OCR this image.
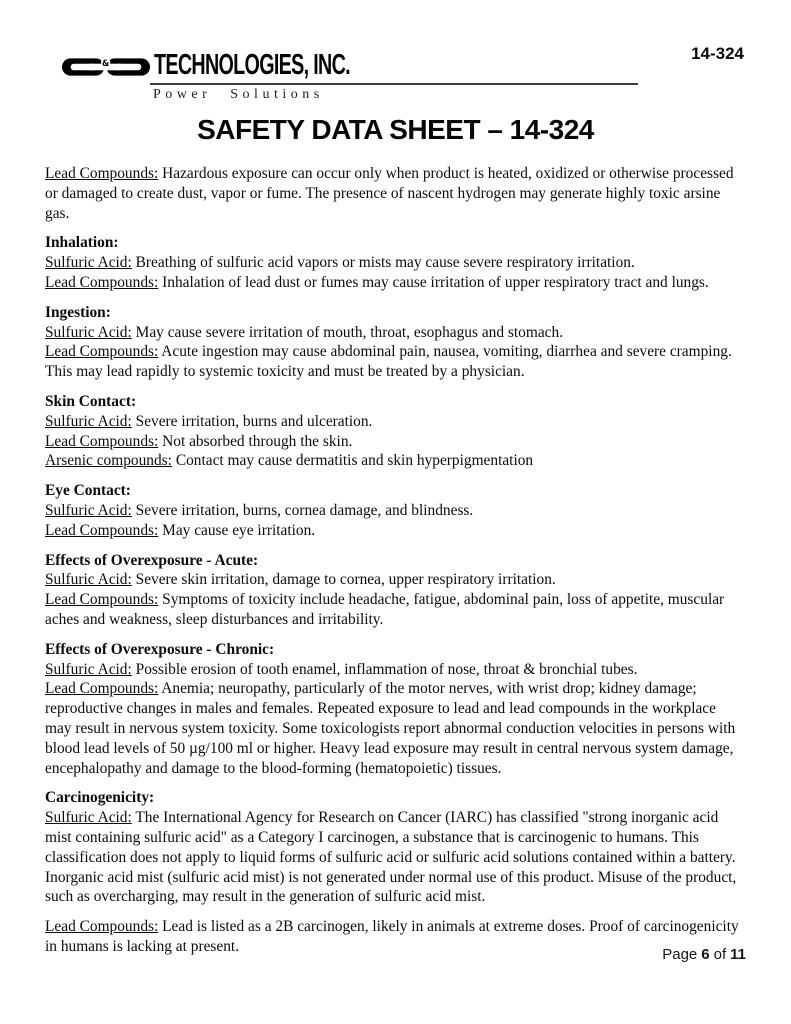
14-324
& TECHNOLOGIES, INC.
Power Solutions
SAFETY DATA SHEET – 14-324

Lead Compounds: Hazardous exposure can occur only when product is heated, oxidized or otherwise processed or damaged to create dust, vapor or fume. The presence of nascent hydrogen may generate highly toxic arsine gas.

Inhalation:

Sulfuric Acid: Breathing of sulfuric acid vapors or mists may cause severe respiratory irritation.

Lead Compounds: Inhalation of lead dust or fumes may cause irritation of upper respiratory tract and lungs.

Ingestion:

Sulfuric Acid: May cause severe irritation of mouth, throat, esophagus and stomach.

Lead Compounds: Acute ingestion may cause abdominal pain, nausea, vomiting, diarrhea and severe cramping. This may lead rapidly to systemic toxicity and must be treated by a physician.

Skin Contact:

Sulfuric Acid: Severe irritation, burns and ulceration.

Lead Compounds: Not absorbed through the skin.

Arsenic compounds: Contact may cause dermatitis and skin hyperpigmentation

Eye Contact:

Sulfuric Acid: Severe irritation, burns, cornea damage, and blindness.

Lead Compounds: May cause eye irritation.

Effects of Overexposure - Acute:

Sulfuric Acid: Severe skin irritation, damage to cornea, upper respiratory irritation.

Lead Compounds: Symptoms of toxicity include headache, fatigue, abdominal pain, loss of appetite, muscular aches and weakness, sleep disturbances and irritability.

Effects of Overexposure - Chronic:

Sulfuric Acid: Possible erosion of tooth enamel, inflammation of nose, throat & bronchial tubes.

Lead Compounds: Anemia; neuropathy, particularly of the motor nerves, with wrist drop; kidney damage; reproductive changes in males and females. Repeated exposure to lead and lead compounds in the workplace may result in nervous system toxicity. Some toxicologists report abnormal conduction velocities in persons with blood lead levels of 50 µg/100 ml or higher. Heavy lead exposure may result in central nervous system damage, encephalopathy and damage to the blood-forming (hematopoietic) tissues.

Carcinogenicity:

Sulfuric Acid: The International Agency for Research on Cancer (IARC) has classified "strong inorganic acid mist containing sulfuric acid" as a Category I carcinogen, a substance that is carcinogenic to humans. This classification does not apply to liquid forms of sulfuric acid or sulfuric acid solutions contained within a battery. Inorganic acid mist (sulfuric acid mist) is not generated under normal use of this product. Misuse of the product, such as overcharging, may result in the generation of sulfuric acid mist.

Lead Compounds: Lead is listed as a 2B carcinogen, likely in animals at extreme doses. Proof of carcinogenicity in humans is lacking at present.	Page 6 of 11
